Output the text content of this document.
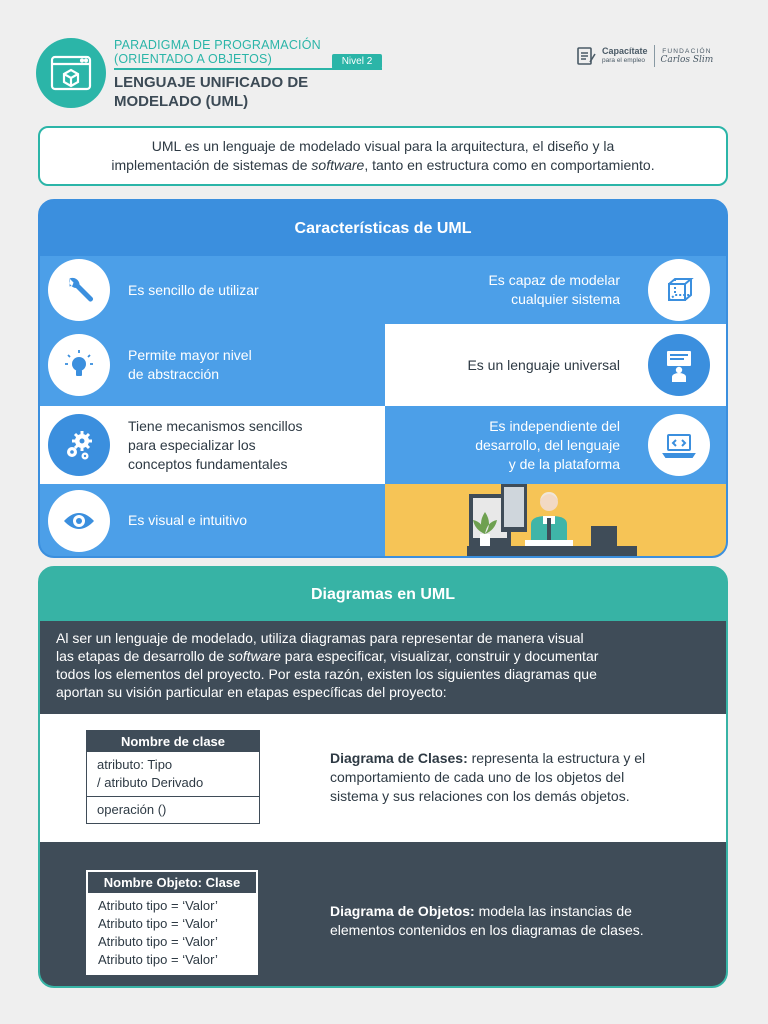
PARADIGMA DE PROGRAMACIÓN
(ORIENTADO A OBJETOS)	Nivel 2
LENGUAJE UNIFICADO DE
MODELADO (UML)
Capacítate
para el empleo
FUNDACIÓN
Carlos Slim
UML es un lenguaje de modelado visual para la arquitectura, el diseño y la
implementación de sistemas de software, tanto en estructura como en comportamiento.
Características de UML
Es sencillo de utilizar
Es capaz de modelar
cualquier sistema
Permite mayor nivel
de abstracción
Es un lenguaje universal
Tiene mecanismos sencillos
para especializar los
conceptos fundamentales
Es independiente del
desarrollo, del lenguaje
y de la plataforma
Es visual e intuitivo
Diagramas en UML
Al ser un lenguaje de modelado, utiliza diagramas para representar de manera visual
las etapas de desarrollo de software para especificar, visualizar, construir y documentar
todos los elementos del proyecto. Por esta razón, existen los siguientes diagramas que
aportan su visión particular en etapas específicas del proyecto:
Nombre de clase
atributo: Tipo
/ atributo Derivado
operación ()
Diagrama de Clases: representa la estructura y el
comportamiento de cada uno de los objetos del
sistema y sus relaciones con los demás objetos.
Nombre Objeto: Clase
Atributo tipo = ‘Valor’
Atributo tipo = ‘Valor’
Atributo tipo = ‘Valor’
Atributo tipo = ‘Valor’
Diagrama de Objetos: modela las instancias de
elementos contenidos en los diagramas de clases.
